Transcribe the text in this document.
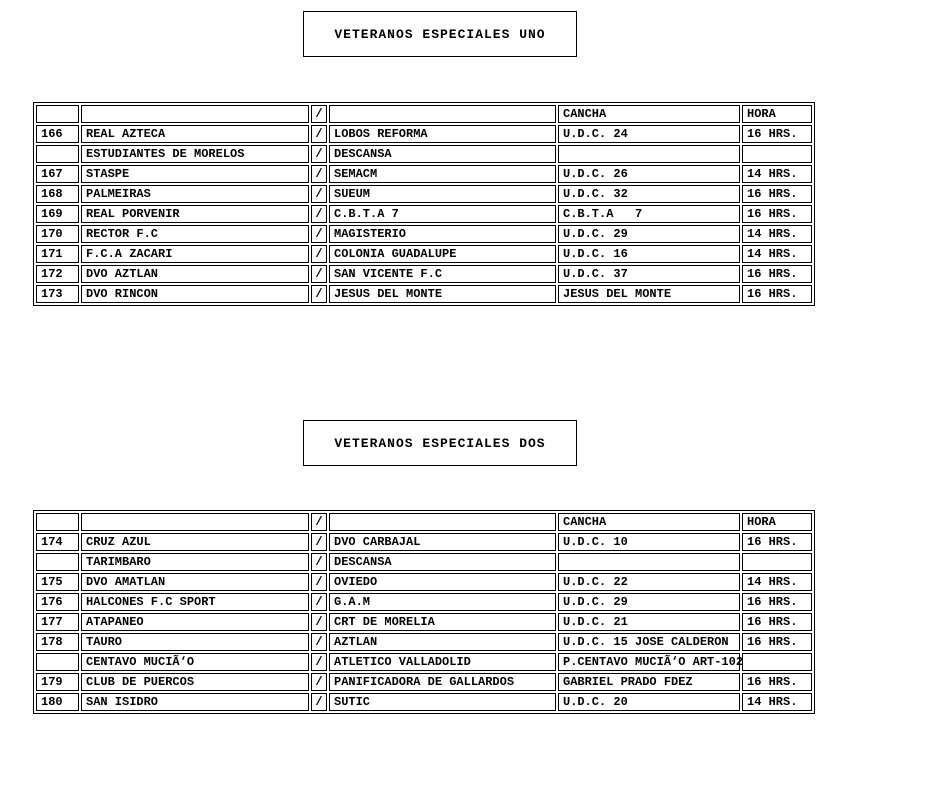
VETERANOS ESPECIALES UNO
		/		CANCHA	HORA
166	REAL AZTECA	/	LOBOS REFORMA	U.D.C. 24	16 HRS.
	ESTUDIANTES DE MORELOS	/	DESCANSA		
167	STASPE	/	SEMACM	U.D.C. 26	14 HRS.
168	PALMEIRAS	/	SUEUM	U.D.C. 32	16 HRS.
169	REAL PORVENIR	/	C.B.T.A 7	C.B.T.A   7	16 HRS.
170	RECTOR F.C	/	MAGISTERIO	U.D.C. 29	14 HRS.
171	F.C.A ZACARI	/	COLONIA GUADALUPE	U.D.C. 16	14 HRS.
172	DVO AZTLAN	/	SAN VICENTE F.C	U.D.C. 37	16 HRS.
173	DVO RINCON	/	JESUS DEL MONTE	JESUS DEL MONTE	16 HRS.
VETERANOS ESPECIALES DOS
		/		CANCHA	HORA
174	CRUZ AZUL	/	DVO CARBAJAL	U.D.C. 10	16 HRS.
	TARIMBARO	/	DESCANSA		
175	DVO AMATLAN	/	OVIEDO	U.D.C. 22	14 HRS.
176	HALCONES F.C SPORT	/	G.A.M	U.D.C. 29	16 HRS.
177	ATAPANEO	/	CRT DE MORELIA	U.D.C. 21	16 HRS.
178	TAURO	/	AZTLAN	U.D.C. 15 JOSE CALDERON	16 HRS.
	CENTAVO MUCIÃ‘O	/	ATLETICO VALLADOLID	P.CENTAVO MUCIÃ‘O ART-102	
179	CLUB DE PUERCOS	/	PANIFICADORA DE GALLARDOS	GABRIEL PRADO FDEZ	16 HRS.
180	SAN ISIDRO	/	SUTIC	U.D.C. 20	14 HRS.
